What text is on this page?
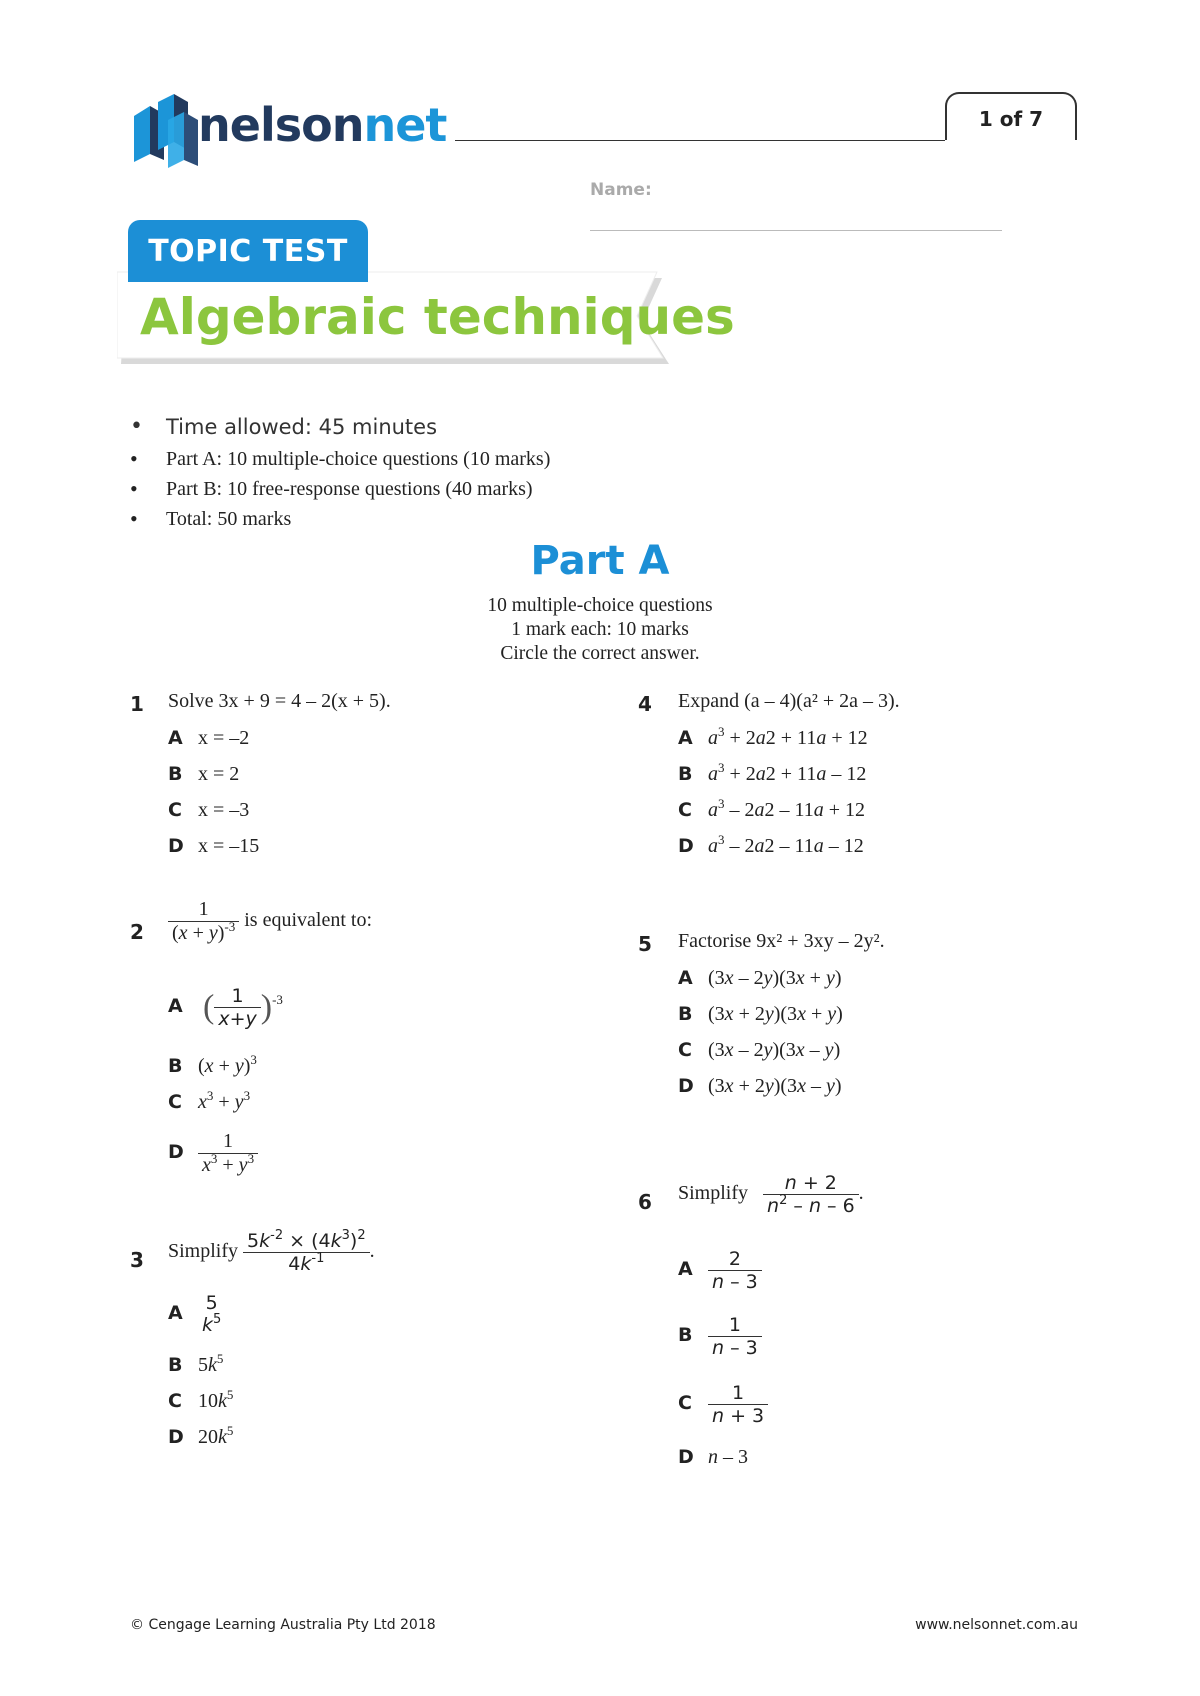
nelsonnet	1 of 7
Name:
TOPIC TEST
Algebraic techniques
• Time allowed: 45 minutes
• Part A: 10 multiple-choice questions (10 marks)
• Part B: 10 free-response questions (40 marks)
• Total: 50 marks
Part A
10 multiple-choice questions
1 mark each: 10 marks
Circle the correct answer.
1 Solve 3x + 9 = 4 – 2(x + 5).
A x = –2
B x = 2
C x = –3
D x = –15
$2 \frac{1}{(x + y)^{-3}}$ is equivalent to:
A ( $\frac{1}{x+y} )^{-3}$
B $(x + y)^3$
C $x^3 + y^3$
D $\frac{1}{x^3 + y^3}$
3 Simplify $\frac{5k^{-2} \times (4k^3)^2}{4k^{-1}}$ .
A	5
$k^5$
B $5k^5$
C $10k^5$
D $20k^5$
4 Expand (a – 4)(a² + 2a – 3).
A $a^3 + 2a2 + 11a + 12$
B $a^3 + 2a2 + 11a - 12$
C $a^3 - 2a2 - 11a + 12$
D $a^3 - 2a2 - 11a - 12$
5 Factorise 9x² + 3xy – 2y².
A (3x – 2y)(3x + y)
B (3x + 2y)(3x + y)
C (3x – 2y)(3x – y)
D (3x + 2y)(3x – y)
6 Simplify $\frac{n + 2}{n^2 - n - 6}$ .
A $\frac{2}{n - 3}$
B $\frac{1}{n - 3}$
C $\frac{1}{n + 3}$
D n – 3
© Cengage Learning Australia Pty Ltd 2018	www.nelsonnet.com.au
